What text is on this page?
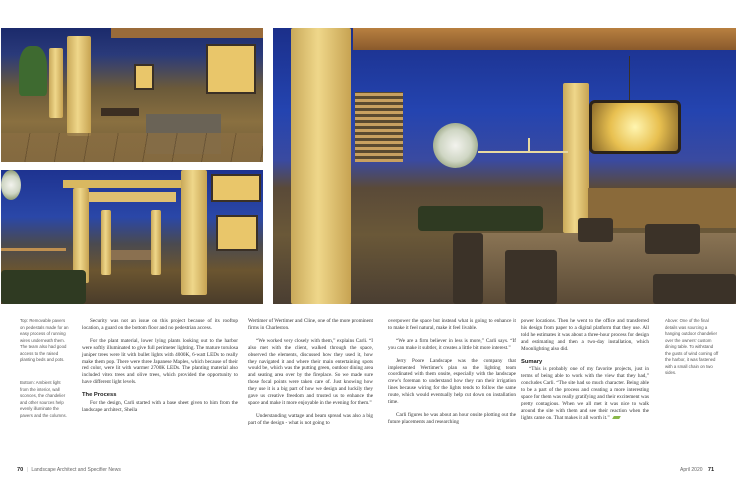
Top: Removable pavers on pedestals made for an easy process of running wires underneath them. The team also had good access to the raised planting beds and pots.
Bottom: Ambient light from the interior, wall sconces, the chandelier and other sources help evenly illuminate the pavers and the columns.
Above: One of the final details was sourcing a hanging outdoor chandelier over the owners' custom dining table. To withstand the gusts of wind coming off the harbor, it was fastened with a small chain on two sides.

Security was not an issue on this project because of its rooftop location, a guard on the bottom floor and no pedestrian access.

For the plant material, lower lying plants looking out to the harbor were softly illuminated to give full perimeter lighting. The mature torulosa juniper trees were lit with bullet lights with 4000K, 6-watt LEDs to really make them pop. There were three Japanese Maples, which because of their red color, were lit with warmer 2700K LEDs. The planting material also included vitex trees and olive trees, which provided the opportunity to have different light levels.

The Process

For the design, Carli started with a base sheet given to him from the landscape architect, Sheila

Wertimer of Wertimer and Cline, one of the more prominent firms in Charleston.

“We worked very closely with them,” explains Carli. “I also met with the client, walked through the space, observed the elements, discussed how they used it, how they navigated it and where their main entertaining spots would be, which was the putting green, outdoor dining area and seating area over by the fireplace. So we made sure those focal points were taken care of. Just knowing how they use it is a big part of how we design and luckily they gave us creative freedom and trusted us to enhance the space and make it more enjoyable in the evening for them.”

Understanding wattage and beam spread was also a big part of the design - what is not going to

overpower the space but instead what is going to enhance it to make it feel natural, make it feel livable.

“We are a firm believer in less is more,” Carli says. “If you can make it subtler, it creates a little bit more interest.”

Jerry Poore Landscape was the company that implemented Wertimer's plan so the lighting team coordinated with them onsite, especially with the landscape crew's foreman to understand how they ran their irrigation lines because wiring for the lights tends to follow the same route, which would eventually help cut down on installation time.

Carli figures he was about an hour onsite plotting out the future placements and researching

power locations. Then he went to the office and transferred his design from paper to a digital platform that they use. All told he estimates it was about a three-hour process for design and estimating and then a two-day installation, which Moonlighting also did.

Sumary

“This is probably one of my favorite projects, just in terms of being able to work with the view that they had,” concludes Carli. “The site had so much character. Being able to be a part of the process and creating a more interesting space for them was really gratifying and their excitement was pretty contagious. When we all met it was nice to walk around the site with them and see their reaction when the lights came on. That makes it all worth it.”

70 | Landscape Architect and Specifier News	April 2020 71
